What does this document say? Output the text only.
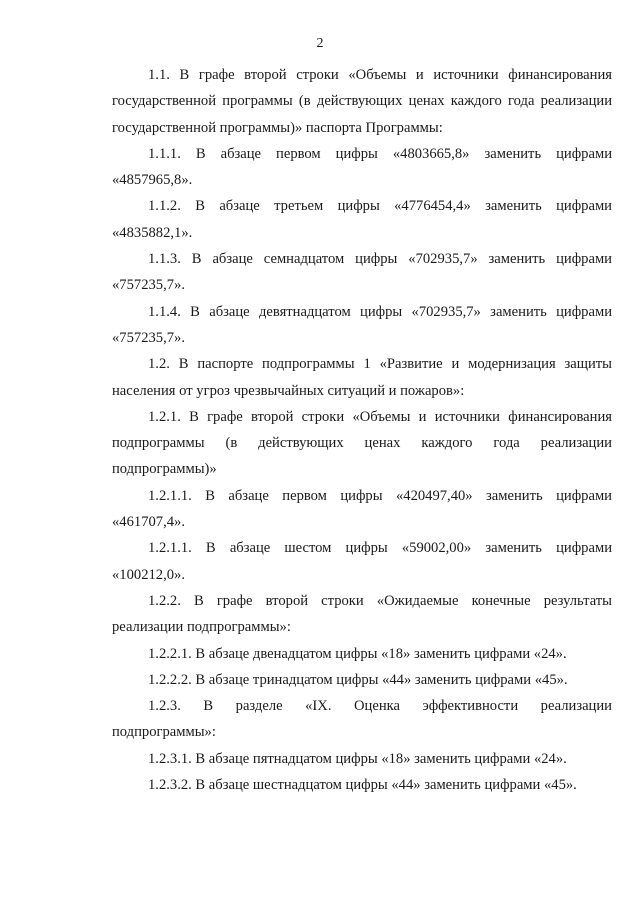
2
1.1. В графе второй строки «Объемы и источники финансирования
государственной программы (в действующих ценах каждого года реализации
государственной программы)» паспорта Программы:
1.1.1. В абзаце первом цифры «4803665,8» заменить цифрами
«4857965,8».
1.1.2. В абзаце третьем цифры «4776454,4» заменить цифрами
«4835882,1».
1.1.3. В абзаце семнадцатом цифры «702935,7» заменить цифрами
«757235,7».
1.1.4. В абзаце девятнадцатом цифры «702935,7» заменить цифрами
«757235,7».
1.2. В паспорте подпрограммы 1 «Развитие и модернизация защиты
населения от угроз чрезвычайных ситуаций и пожаров»:
1.2.1. В графе второй строки «Объемы и источники финансирования
подпрограммы (в действующих ценах каждого года реализации
подпрограммы)»
1.2.1.1. В абзаце первом цифры «420497,40» заменить цифрами
«461707,4».
1.2.1.1. В абзаце шестом цифры «59002,00» заменить цифрами
«100212,0».
1.2.2. В графе второй строки «Ожидаемые конечные результаты
реализации подпрограммы»:
1.2.2.1. В абзаце двенадцатом цифры «18» заменить цифрами «24».
1.2.2.2. В абзаце тринадцатом цифры «44» заменить цифрами «45».
1.2.3. В разделе «IX. Оценка эффективности реализации
подпрограммы»:
1.2.3.1. В абзаце пятнадцатом цифры «18» заменить цифрами «24».
1.2.3.2. В абзаце шестнадцатом цифры «44» заменить цифрами «45».
